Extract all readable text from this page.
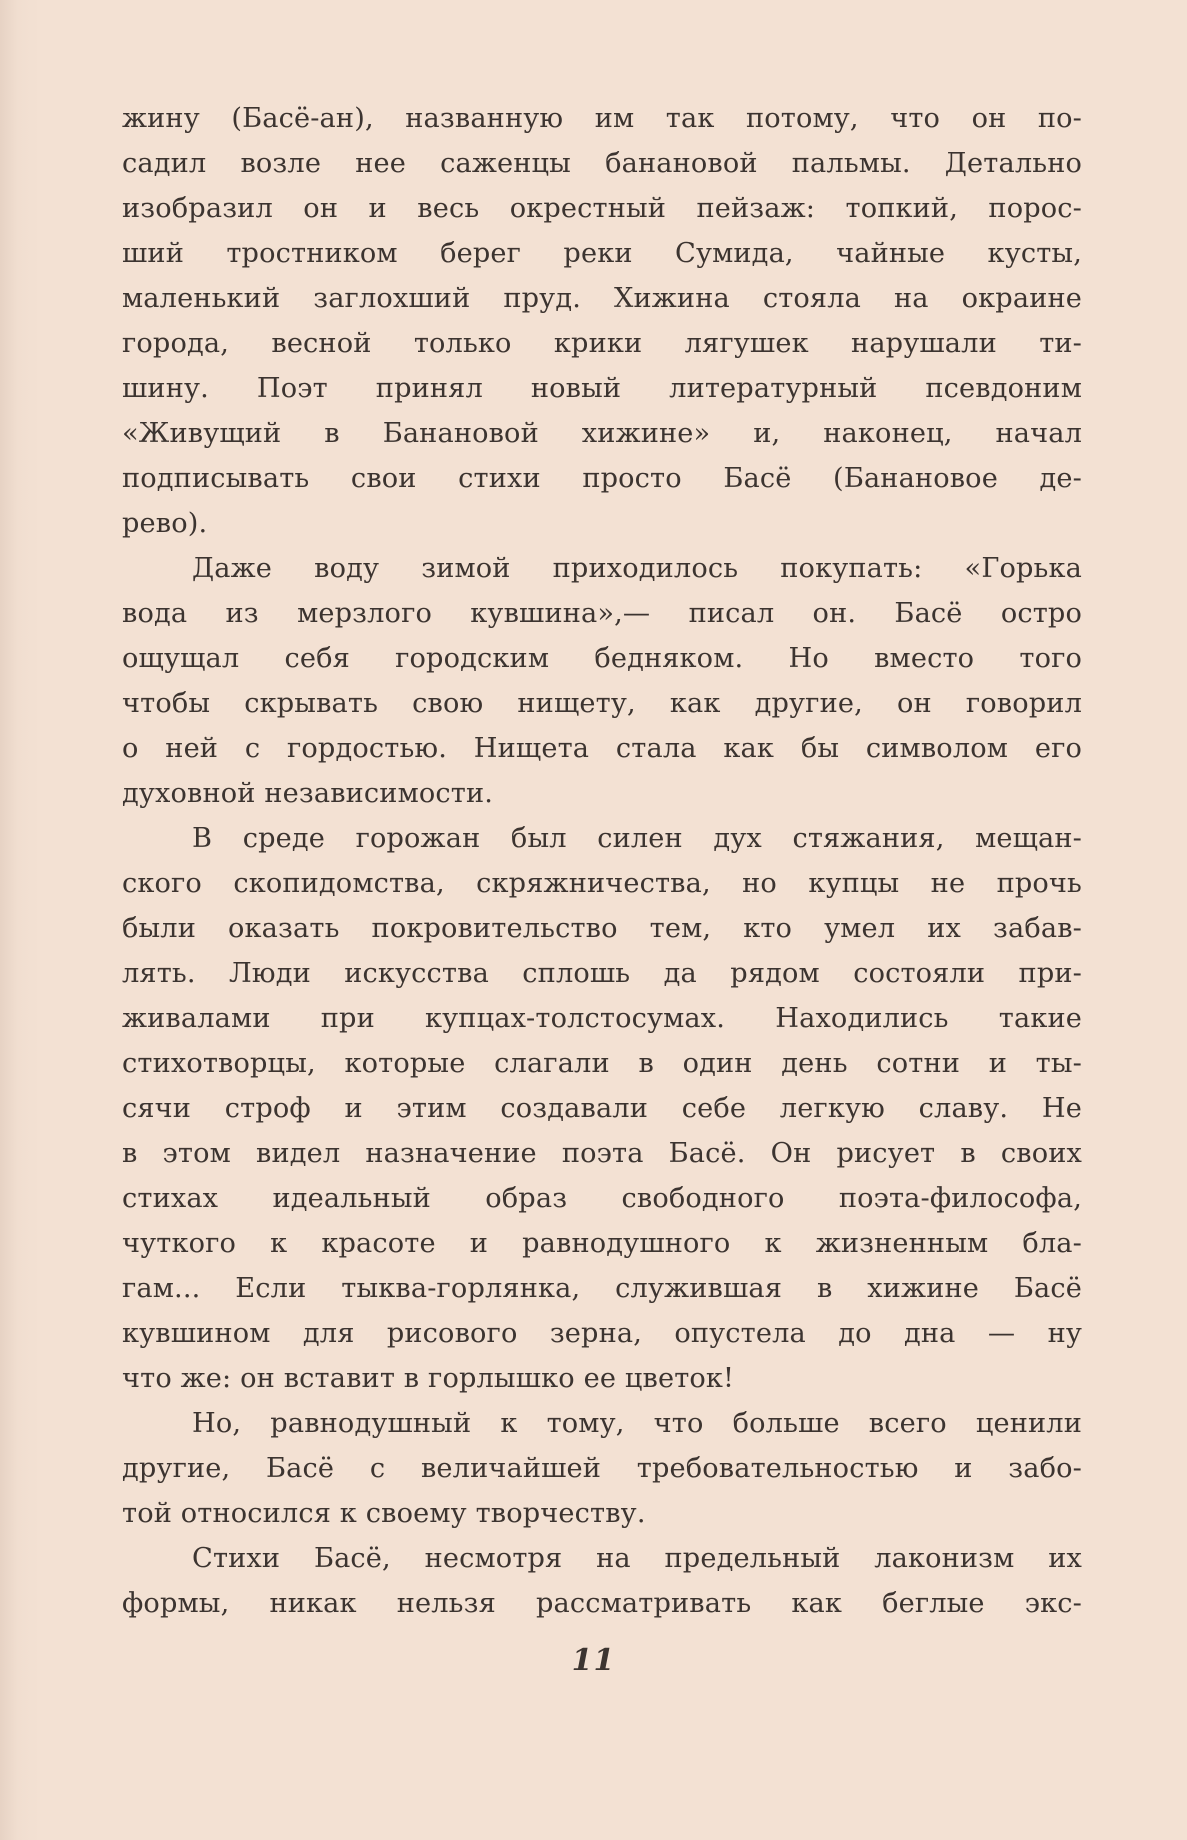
жину (Басё-ан), названную им так потому, что он по-
садил возле нее саженцы банановой пальмы. Детально
изобразил он и весь окрестный пейзаж: топкий, порос-
ший тростником берег реки Сумида, чайные кусты,
маленький заглохший пруд. Хижина стояла на окраине
города, весной только крики лягушек нарушали ти-
шину. Поэт принял новый литературный псевдоним
«Живущий в Банановой хижине» и, наконец, начал
подписывать свои стихи просто Басё (Банановое де-
рево).
Даже воду зимой приходилось покупать: «Горька
вода из мерзлого кувшина»,— писал он. Басё остро
ощущал себя городским бедняком. Но вместо того
чтобы скрывать свою нищету, как другие, он говорил
о ней с гордостью. Нищета стала как бы символом его
духовной независимости.
В среде горожан был силен дух стяжания, мещан-
ского скопидомства, скряжничества, но купцы не прочь
были оказать покровительство тем, кто умел их забав-
лять. Люди искусства сплошь да рядом состояли при-
живалами при купцах-толстосумах. Находились такие
стихотворцы, которые слагали в один день сотни и ты-
сячи строф и этим создавали себе легкую славу. Не
в этом видел назначение поэта Басё. Он рисует в своих
стихах идеальный образ свободного поэта-философа,
чуткого к красоте и равнодушного к жизненным бла-
гам... Если тыква-горлянка, служившая в хижине Басё
кувшином для рисового зерна, опустела до дна — ну
что же: он вставит в горлышко ее цветок!
Но, равнодушный к тому, что больше всего ценили
другие, Басё с величайшей требовательностью и забо-
той относился к своему творчеству.
Стихи Басё, несмотря на предельный лаконизм их
формы, никак нельзя рассматривать как беглые экс-
11
